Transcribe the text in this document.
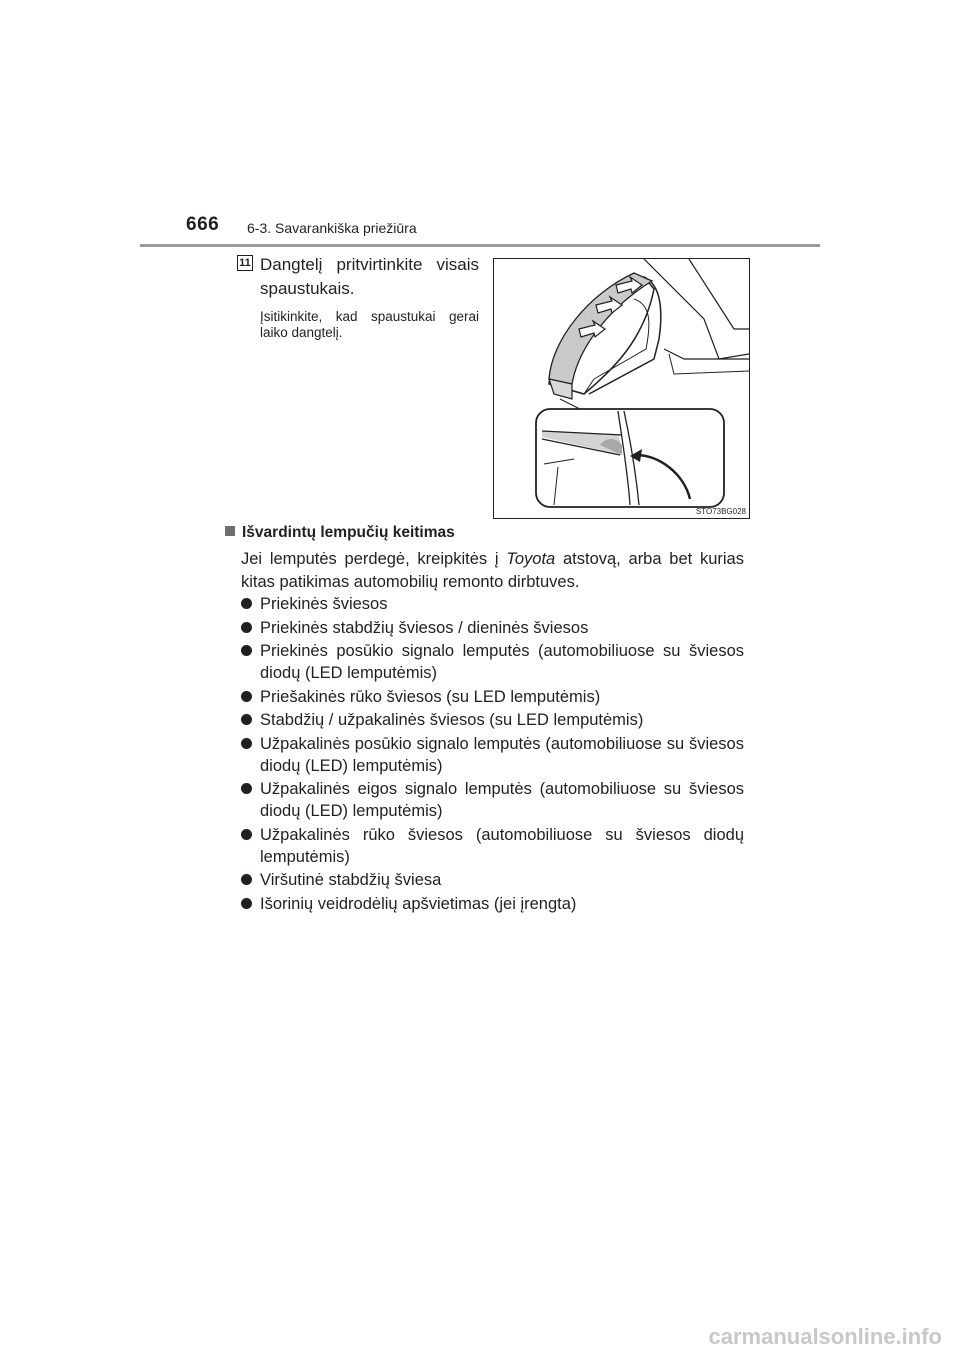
666 6-3. Savarankiška priežiūra
11 Dangtelį pritvirtinkite visais
spaustukais.
Įsitikinkite, kad spaustukai gerai
laiko dangtelį.
STO73BG028
Išvardintų lempučių keitimas
Jei lemputės perdegė, kreipkitės į Toyota atstovą, arba bet kurias
kitas patikimas automobilių remonto dirbtuves.
Priekinės šviesos
Priekinės stabdžių šviesos / dieninės šviesos
Priekinės posūkio signalo lemputės (automobiliuose su šviesos diodų (LED lemputėmis)
Priešakinės rūko šviesos (su LED lemputėmis)
Stabdžių / užpakalinės šviesos (su LED lemputėmis)
Užpakalinės posūkio signalo lemputės (automobiliuose su šviesos diodų (LED) lemputėmis)
Užpakalinės eigos signalo lemputės (automobiliuose su šviesos diodų (LED) lemputėmis)
Užpakalinės rūko šviesos (automobiliuose su šviesos diodų lemputėmis)
Viršutinė stabdžių šviesa
Išorinių veidrodėlių apšvietimas (jei įrengta)
carmanualsonline.info
